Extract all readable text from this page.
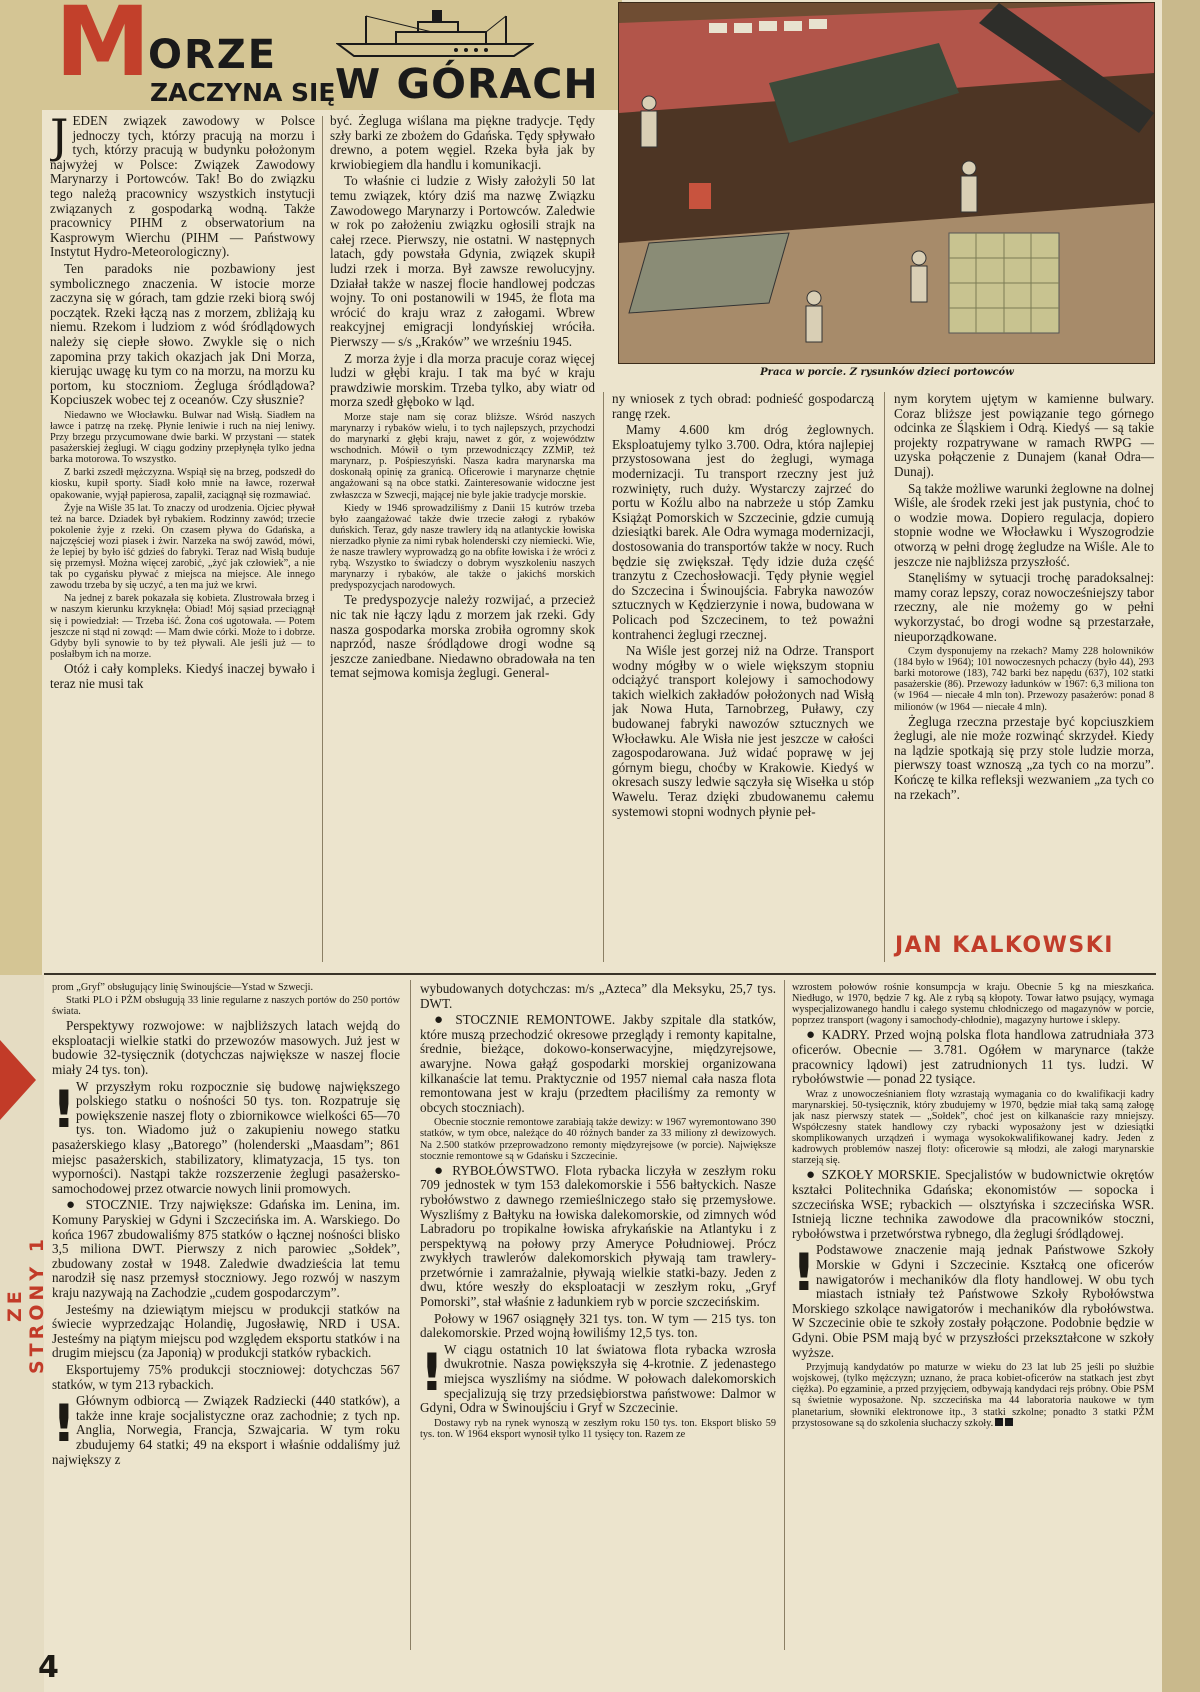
M
ORZE
ZACZYNA SIĘ W GÓRACH
Praca w porcie. Z rysunków dzieci portowców

JEDEN związek zawodowy w Polsce jednoczy tych, którzy pracują na morzu i tych, którzy pracują w budynku położonym najwyżej w Polsce: Związek Zawodowy Marynarzy i Portowców. Tak! Bo do związku tego należą pracownicy wszystkich instytucji związanych z gospodarką wodną. Także pracownicy PIHM z obserwatorium na Kasprowym Wierchu (PIHM — Państwowy Instytut Hydro-Meteorologiczny).

Ten paradoks nie pozbawiony jest symbolicznego znaczenia. W istocie morze zaczyna się w górach, tam gdzie rzeki biorą swój początek. Rzeki łączą nas z morzem, zbliżają ku niemu. Rzekom i ludziom z wód śródlądowych należy się ciepłe słowo. Zwykle się o nich zapomina przy takich okazjach jak Dni Morza, kierując uwagę ku tym co na morzu, na morzu ku portom, ku stoczniom. Żegluga śródlądowa? Kopciuszek wobec tej z oceanów. Czy słusznie?

Niedawno we Włocławku. Bulwar nad Wisłą. Siadłem na ławce i patrzę na rzekę. Płynie leniwie i ruch na niej leniwy. Przy brzegu przycumowane dwie barki. W przystani — statek pasażerskiej żeglugi. W ciągu godziny przepłynęła tylko jedna barka motorowa. To wszystko.

Z barki zszedł mężczyzna. Wspiął się na brzeg, podszedł do kiosku, kupił sporty. Siadł koło mnie na ławce, rozerwał opakowanie, wyjął papierosa, zapalił, zaciągnął się rozmawiać.

Żyje na Wiśle 35 lat. To znaczy od urodzenia. Ojciec pływał też na barce. Dziadek był rybakiem. Rodzinny zawód; trzecie pokolenie żyje z rzeki. On czasem pływa do Gdańska, a najczęściej wozi piasek i żwir. Narzeka na swój zawód, mówi, że lepiej by było iść gdzieś do fabryki. Teraz nad Wisłą buduje się przemysł. Można więcej zarobić, „żyć jak człowiek”, a nie tak po cygańsku pływać z miejsca na miejsce. Ale innego zawodu trzeba by się uczyć, a ten ma już we krwi.

Na jednej z barek pokazała się kobieta. Zlustrowała brzeg i w naszym kierunku krzyknęła: Obiad! Mój sąsiad przeciągnął się i powiedział: — Trzeba iść. Żona coś ugotowała. — Potem jeszcze ni stąd ni zowąd: — Mam dwie córki. Może to i dobrze. Gdyby byli synowie to by też pływali. Ale jeśli już — to posłałbym ich na morze.

Otóż i cały kompleks. Kiedyś inaczej bywało i teraz nie musi tak

być. Żegluga wiślana ma piękne tradycje. Tędy szły barki ze zbożem do Gdańska. Tędy spływało drewno, a potem węgiel. Rzeka była jak by krwiobiegiem dla handlu i komunikacji.

To właśnie ci ludzie z Wisły założyli 50 lat temu związek, który dziś ma nazwę Związku Zawodowego Marynarzy i Portowców. Zaledwie w rok po założeniu związku ogłosili strajk na całej rzece. Pierwszy, nie ostatni. W następnych latach, gdy powstała Gdynia, związek skupił ludzi rzek i morza. Był zawsze rewolucyjny. Działał także w naszej flocie handlowej podczas wojny. To oni postanowili w 1945, że flota ma wrócić do kraju wraz z załogami. Wbrew reakcyjnej emigracji londyńskiej wróciła. Pierwszy — s/s „Kraków” we wrześniu 1945.

Z morza żyje i dla morza pracuje coraz więcej ludzi w głębi kraju. I tak ma być w kraju prawdziwie morskim. Trzeba tylko, aby wiatr od morza szedł głęboko w ląd.

Morze staje nam się coraz bliższe. Wśród naszych marynarzy i rybaków wielu, i to tych najlepszych, przychodzi do marynarki z głębi kraju, nawet z gór, z województw wschodnich. Mówił o tym przewodniczący ZZMiP, też marynarz, p. Pośpieszyński. Nasza kadra marynarska ma doskonałą opinię za granicą. Oficerowie i marynarze chętnie angażowani są na obce statki. Zainteresowanie widoczne jest zwłaszcza w Szwecji, mającej nie byle jakie tradycje morskie.

Kiedy w 1946 sprowadziliśmy z Danii 15 kutrów trzeba było zaangażować także dwie trzecie załogi z rybaków duńskich. Teraz, gdy nasze trawlery idą na atlantyckie łowiska nierzadko płynie za nimi rybak holenderski czy niemiecki. Wie, że nasze trawlery wyprowadzą go na obfite łowiska i że wróci z rybą. Wszystko to świadczy o dobrym wyszkoleniu naszych marynarzy i rybaków, ale także o jakichś morskich predyspozycjach narodowych.

Te predyspozycje należy rozwijać, a przecież nic tak nie łączy lądu z morzem jak rzeki. Gdy nasza gospodarka morska zrobiła ogromny skok naprzód, nasze śródlądowe drogi wodne są jeszcze zaniedbane. Niedawno obradowała na ten temat sejmowa komisja żeglugi. General-

ny wniosek z tych obrad: podnieść gospodarczą rangę rzek.

Mamy 4.600 km dróg żeglownych. Eksploatujemy tylko 3.700. Odra, która najlepiej przystosowana jest do żeglugi, wymaga modernizacji. Tu transport rzeczny jest już rozwinięty, ruch duży. Wystarczy zajrzeć do portu w Koźlu albo na nabrzeże u stóp Zamku Książąt Pomorskich w Szczecinie, gdzie cumują dziesiątki barek. Ale Odra wymaga modernizacji, dostosowania do transportów także w nocy. Ruch będzie się zwiększał. Tędy idzie duża część tranzytu z Czechosłowacji. Tędy płynie węgiel do Szczecina i Świnoujścia. Fabryka nawozów sztucznych w Kędzierzynie i nowa, budowana w Policach pod Szczecinem, to też poważni kontrahenci żeglugi rzecznej.

Na Wiśle jest gorzej niż na Odrze. Transport wodny mógłby w o wiele większym stopniu odciążyć transport kolejowy i samochodowy takich wielkich zakładów położonych nad Wisłą jak Nowa Huta, Tarnobrzeg, Puławy, czy budowanej fabryki nawozów sztucznych we Włocławku. Ale Wisła nie jest jeszcze w całości zagospodarowana. Już widać poprawę w jej górnym biegu, choćby w Krakowie. Kiedyś w okresach suszy ledwie sączyła się Wisełka u stóp Wawelu. Teraz dzięki zbudowanemu całemu systemowi stopni wodnych płynie peł-

nym korytem ujętym w kamienne bulwary. Coraz bliższe jest powiązanie tego górnego odcinka ze Śląskiem i Odrą. Kiedyś — są takie projekty rozpatrywane w ramach RWPG — uzyska połączenie z Dunajem (kanał Odra—Dunaj).

Są także możliwe warunki żeglowne na dolnej Wiśle, ale środek rzeki jest jak pustynia, choć to o wodzie mowa. Dopiero regulacja, dopiero stopnie wodne we Włocławku i Wyszogrodzie otworzą w pełni drogę żegludze na Wiśle. Ale to jeszcze nie najbliższa przyszłość.

Stanęliśmy w sytuacji trochę paradoksalnej: mamy coraz lepszy, coraz nowocześniejszy tabor rzeczny, ale nie możemy go w pełni wykorzystać, bo drogi wodne są przestarzałe, nieuporządkowane.

Czym dysponujemy na rzekach? Mamy 228 holowników (184 było w 1964); 101 nowoczesnych pchaczy (było 44), 293 barki motorowe (183), 742 barki bez napędu (637), 102 statki pasażerskie (86). Przewozy ładunków w 1967: 6,3 miliona ton (w 1964 — niecałe 4 mln ton). Przewozy pasażerów: ponad 8 milionów (w 1964 — niecałe 4 mln).

Żegluga rzeczna przestaje być kopciuszkiem żeglugi, ale nie może rozwinąć skrzydeł. Kiedy na lądzie spotkają się przy stole ludzie morza, pierwszy toast wznoszą „za tych co na morzu”. Kończę te kilka refleksji wezwaniem „za tych co na rzekach”.

JAN KALKOWSKI
ZE STRONY 1

prom „Gryf” obsługujący linię Świnoujście—Ystad w Szwecji.

Statki PLO i PŻM obsługują 33 linie regularne z naszych portów do 250 portów świata.

Perspektywy rozwojowe: w najbliższych latach wejdą do eksploatacji wielkie statki do przewozów masowych. Już jest w budowie 32-tysięcznik (dotychczas największe w naszej flocie miały 24 tys. ton).

! W przyszłym roku rozpocznie się budowę największego polskiego statku o nośności 50 tys. ton. Rozpatruje się powiększenie naszej floty o zbiornikowce wielkości 65—70 tys. ton. Wiadomo już o zakupieniu nowego statku pasażerskiego klasy „Batorego” (holenderski „Maasdam”; 861 miejsc pasażerskich, stabilizatory, klimatyzacja, 15 tys. ton wyporności). Nastąpi także rozszerzenie żeglugi pasażersko-samochodowej przez otwarcie nowych linii promowych.

● STOCZNIE. Trzy największe: Gdańska im. Lenina, im. Komuny Paryskiej w Gdyni i Szczecińska im. A. Warskiego. Do końca 1967 zbudowaliśmy 875 statków o łącznej nośności blisko 3,5 miliona DWT. Pierwszy z nich parowiec „Sołdek”, zbudowany został w 1948. Zaledwie dwadzieścia lat temu narodził się nasz przemysł stoczniowy. Jego rozwój w naszym kraju nazywają na Zachodzie „cudem gospodarczym”.

Jesteśmy na dziewiątym miejscu w produkcji statków na świecie wyprzedzając Holandię, Jugosławię, NRD i USA. Jesteśmy na piątym miejscu pod względem eksportu statków i na drugim miejscu (za Japonią) w produkcji statków rybackich.

Eksportujemy 75% produkcji stoczniowej: dotychczas 567 statków, w tym 213 rybackich.

! Głównym odbiorcą — Związek Radziecki (440 statków), a także inne kraje socjalistyczne oraz zachodnie; z tych np. Anglia, Norwegia, Francja, Szwajcaria. W tym roku zbudujemy 64 statki; 49 na eksport i właśnie oddaliśmy już największy z

wybudowanych dotychczas: m/s „Azteca” dla Meksyku, 25,7 tys. DWT.

● STOCZNIE REMONTOWE. Jakby szpitale dla statków, które muszą przechodzić okresowe przeglądy i remonty kapitalne, średnie, bieżące, dokowo-konserwacyjne, międzyrejsowe, awaryjne. Nowa gałąź gospodarki morskiej organizowana kilkanaście lat temu. Praktycznie od 1957 niemal cała nasza flota remontowana jest w kraju (przedtem płaciliśmy za remonty w obcych stoczniach).

Obecnie stocznie remontowe zarabiają także dewizy: w 1967 wyremontowano 390 statków, w tym obce, należące do 40 różnych bander za 33 miliony zł dewizowych. Na 2.500 statków przeprowadzono remonty międzyrejsowe (w porcie). Największe stocznie remontowe są w Gdańsku i Szczecinie.

● RYBOŁÓWSTWO. Flota rybacka liczyła w zeszłym roku 709 jednostek w tym 153 dalekomorskie i 556 bałtyckich. Nasze rybołówstwo z dawnego rzemieślniczego stało się przemysłowe. Wyszliśmy z Bałtyku na łowiska dalekomorskie, od zimnych wód Labradoru po tropikalne łowiska afrykańskie na Atlantyku i z perspektywą na połowy przy Ameryce Południowej. Prócz zwykłych trawlerów dalekomorskich pływają tam trawlery-przetwórnie i zamrażalnie, pływają wielkie statki-bazy. Jeden z dwu, które weszły do eksploatacji w zeszłym roku, „Gryf Pomorski”, stał właśnie z ładunkiem ryb w porcie szczecińskim.

Połowy w 1967 osiągnęły 321 tys. ton. W tym — 215 tys. ton dalekomorskie. Przed wojną łowiliśmy 12,5 tys. ton.

! W ciągu ostatnich 10 lat światowa flota rybacka wzrosła dwukrotnie. Nasza powiększyła się 4-krotnie. Z jedenastego miejsca wyszliśmy na siódme. W połowach dalekomorskich specjalizują się trzy przedsiębiorstwa państwowe: Dalmor w Gdyni, Odra w Świnoujściu i Gryf w Szczecinie.

Dostawy ryb na rynek wynoszą w zeszłym roku 150 tys. ton. Eksport blisko 59 tys. ton. W 1964 eksport wynosił tylko 11 tysięcy ton. Razem ze

wzrostem połowów rośnie konsumpcja w kraju. Obecnie 5 kg na mieszkańca. Niedługo, w 1970, będzie 7 kg. Ale z rybą są kłopoty. Towar łatwo psujący, wymaga wyspecjalizowanego handlu i całego systemu chłodniczego od magazynów w porcie, poprzez transport (wagony i samochody-chłodnie), magazyny hurtowe i sklepy.

● KADRY. Przed wojną polska flota handlowa zatrudniała 373 oficerów. Obecnie — 3.781. Ogółem w marynarce (także pracownicy lądowi) jest zatrudnionych 11 tys. ludzi. W rybołówstwie — ponad 22 tysiące.

Wraz z unowocześnianiem floty wzrastają wymagania co do kwalifikacji kadry marynarskiej. 50-tysięcznik, który zbudujemy w 1970, będzie miał taką samą załogę jak nasz pierwszy statek — „Sołdek”, choć jest on kilkanaście razy mniejszy. Współczesny statek handlowy czy rybacki wyposażony jest w dziesiątki skomplikowanych urządzeń i wymaga wysokokwalifikowanej kadry. Jeden z kadrowych problemów naszej floty: oficerowie są młodzi, ale załogi marynarskie starzeją się.

● SZKOŁY MORSKIE. Specjalistów w budownictwie okrętów kształci Politechnika Gdańska; ekonomistów — sopocka i szczecińska WSE; rybackich — olsztyńska i szczecińska WSR. Istnieją liczne technika zawodowe dla pracowników stoczni, rybołówstwa i przetwórstwa rybnego, dla żeglugi śródlądowej.

! Podstawowe znaczenie mają jednak Państwowe Szkoły Morskie w Gdyni i Szczecinie. Kształcą one oficerów nawigatorów i mechaników dla floty handlowej. W obu tych miastach istniały też Państwowe Szkoły Rybołówstwa Morskiego szkolące nawigatorów i mechaników dla rybołówstwa. W Szczecinie obie te szkoły zostały połączone. Podobnie będzie w Gdyni. Obie PSM mają być w przyszłości przekształcone w szkoły wyższe.

Przyjmują kandydatów po maturze w wieku do 23 lat lub 25 jeśli po służbie wojskowej, (tylko mężczyzn; uznano, że praca kobiet-oficerów na statkach jest zbyt ciężka). Po egzaminie, a przed przyjęciem, odbywają kandydaci rejs próbny. Obie PSM są świetnie wyposażone. Np. szczecińska ma 44 laboratoria naukowe w tym planetarium, słowniki elektronowe itp., 3 statki szkolne; ponadto 3 statki PŻM przystosowane są do szkolenia słuchaczy szkoły.

4
